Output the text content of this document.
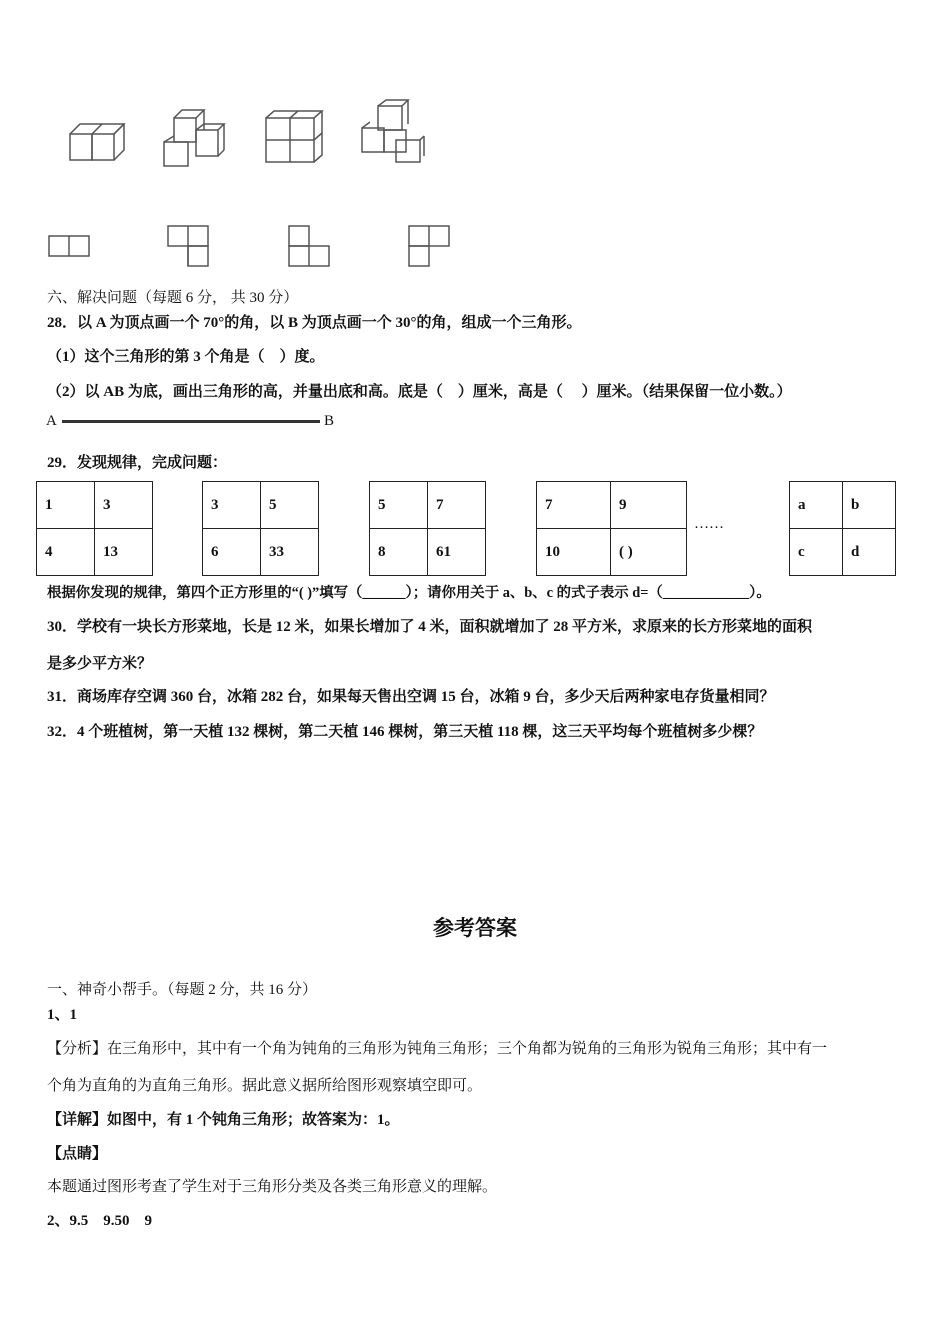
六、解决问题（每题 6 分， 共 30 分）
28．以 A 为顶点画一个 70°的角，以 B 为顶点画一个 30°的角，组成一个三角形。
（1）这个三角形的第 3 个角是（　）度。
（2）以 AB 为底，画出三角形的高，并量出底和高。底是（　）厘米，高是（　 ）厘米。（结果保留一位小数。）
A	B
29．发现规律，完成问题：
1	3
4	13
3	5
6	33
5	7
8	61
7	9
10	( )
……
a	b
c	d
根据你发现的规律，第四个正方形里的“( )”填写（______）；请你用关于 a、b、c 的式子表示 d=（____________）。
30．学校有一块长方形菜地，长是 12 米，如果长增加了 4 米，面积就增加了 28 平方米，求原来的长方形菜地的面积
是多少平方米？
31．商场库存空调 360 台，冰箱 282 台，如果每天售出空调 15 台，冰箱 9 台，多少天后两种家电存货量相同？
32．4 个班植树，第一天植 132 棵树，第二天植 146 棵树，第三天植 118 棵，这三天平均每个班植树多少棵？
参考答案
一、神奇小帮手。（每题 2 分，共 16 分）
1、1
【分析】在三角形中，其中有一个角为钝角的三角形为钝角三角形；三个角都为锐角的三角形为锐角三角形；其中有一
个角为直角的为直角三角形。据此意义据所给图形观察填空即可。
【详解】如图中，有 1 个钝角三角形；故答案为：1。
【点睛】
本题通过图形考查了学生对于三角形分类及各类三角形意义的理解。
2、9.5　9.50　9
